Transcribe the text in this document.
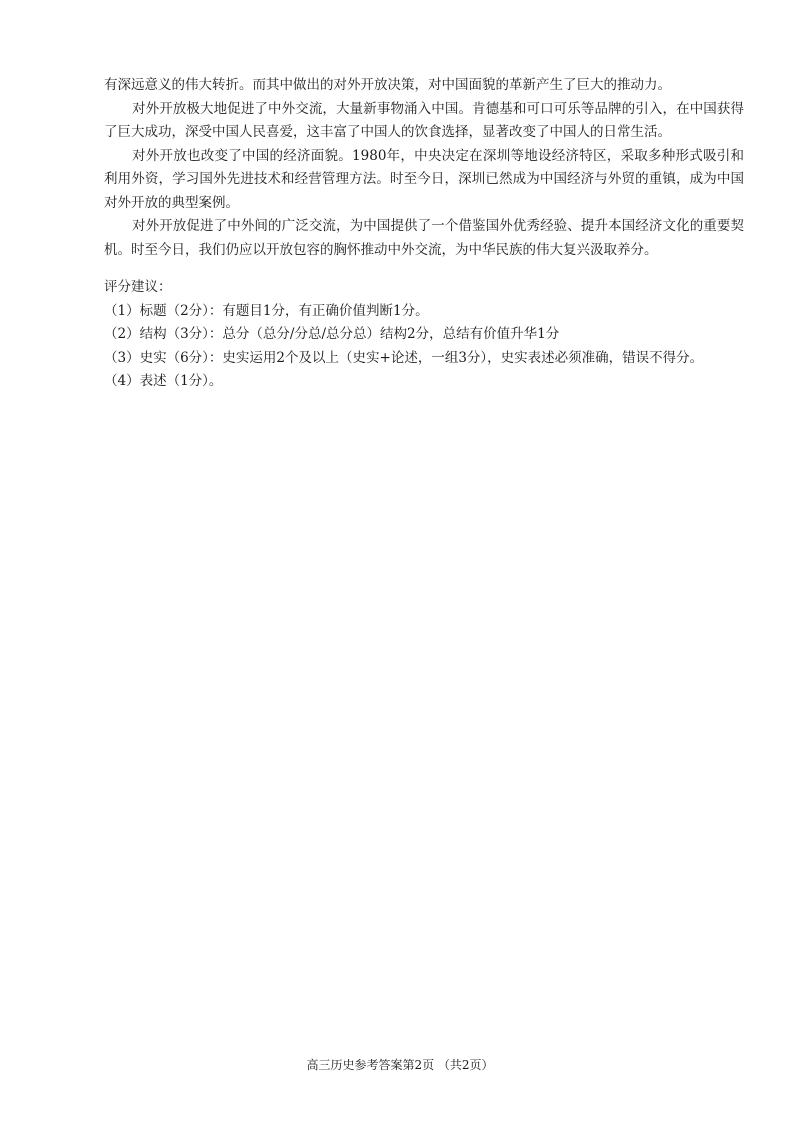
有深远意义的伟大转折。而其中做出的对外开放决策，对中国面貌的革新产生了巨大的推动力。

对外开放极大地促进了中外交流，大量新事物涌入中国。肯德基和可口可乐等品牌的引入，在中国获得了巨大成功，深受中国人民喜爱，这丰富了中国人的饮食选择，显著改变了中国人的日常生活。

对外开放也改变了中国的经济面貌。1980年，中央决定在深圳等地设经济特区，采取多种形式吸引和利用外资，学习国外先进技术和经营管理方法。时至今日，深圳已然成为中国经济与外贸的重镇，成为中国对外开放的典型案例。

对外开放促进了中外间的广泛交流，为中国提供了一个借鉴国外优秀经验、提升本国经济文化的重要契机。时至今日，我们仍应以开放包容的胸怀推动中外交流，为中华民族的伟大复兴汲取养分。

评分建议：

（1）标题（2分）：有题目1分，有正确价值判断1分。
（2）结构（3分）：总分（总分/分总/总分总）结构2分，总结有价值升华1分
（3）史实（6分）：史实运用2个及以上（史实+论述，一组3分），史实表述必须准确，错误不得分。
（4）表述（1分）。
高三历史参考答案第2页 （共2页）
